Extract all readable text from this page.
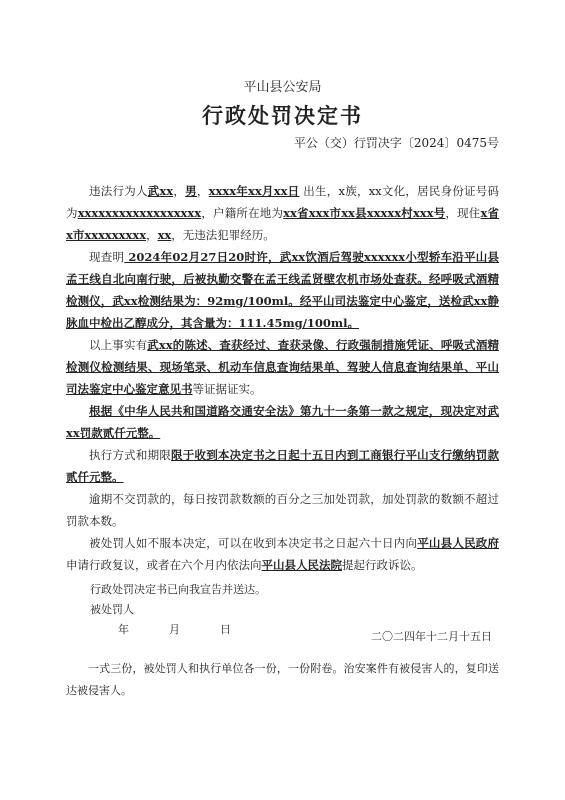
平山县公安局
行政处罚决定书
平公（交）行罚决字〔2024〕0475号

违法行为人武xx，男，xxxx年xx月xx日 出生，x族，xx文化，居民身份证号码为xxxxxxxxxxxxxxxxxx，户籍所在地为xx省xxx市xx县xxxxx村xxx号，现住x省x市xxxxxxxxx，xx，无违法犯罪经历。

现查明 2024年02月27日20时许，武xx饮酒后驾驶xxxxxx小型轿车沿平山县孟王线自北向南行驶，后被执勤交警在孟王线孟贤壁农机市场处查获。经呼吸式酒精检测仪，武xx检测结果为：92mg/100ml。经平山司法鉴定中心鉴定，送检武xx静脉血中检出乙醇成分，其含量为：111.45mg/100ml。

以上事实有武xx的陈述、查获经过、查获录像、行政强制措施凭证、呼吸式酒精检测仪检测结果、现场笔录、机动车信息查询结果单、驾驶人信息查询结果单、平山司法鉴定中心鉴定意见书等证据证实。

根据《中华人民共和国道路交通安全法》第九十一条第一款之规定，现决定对武xx罚款贰仟元整。

执行方式和期限限于收到本决定书之日起十五日内到工商银行平山支行缴纳罚款贰仟元整。

逾期不交罚款的，每日按罚款数额的百分之三加处罚款，加处罚款的数额不超过罚款本数。

被处罚人如不服本决定，可以在收到本决定书之日起六十日内向平山县人民政府 申请行政复议，或者在六个月内依法向平山县人民法院提起行政诉讼。

行政处罚决定书已向我宣告并送达。
被处罚人
年	月	日
二〇二四年十二月十五日
一式三份，被处罚人和执行单位各一份，一份附卷。治安案件有被侵害人的，复印送达被侵害人。
